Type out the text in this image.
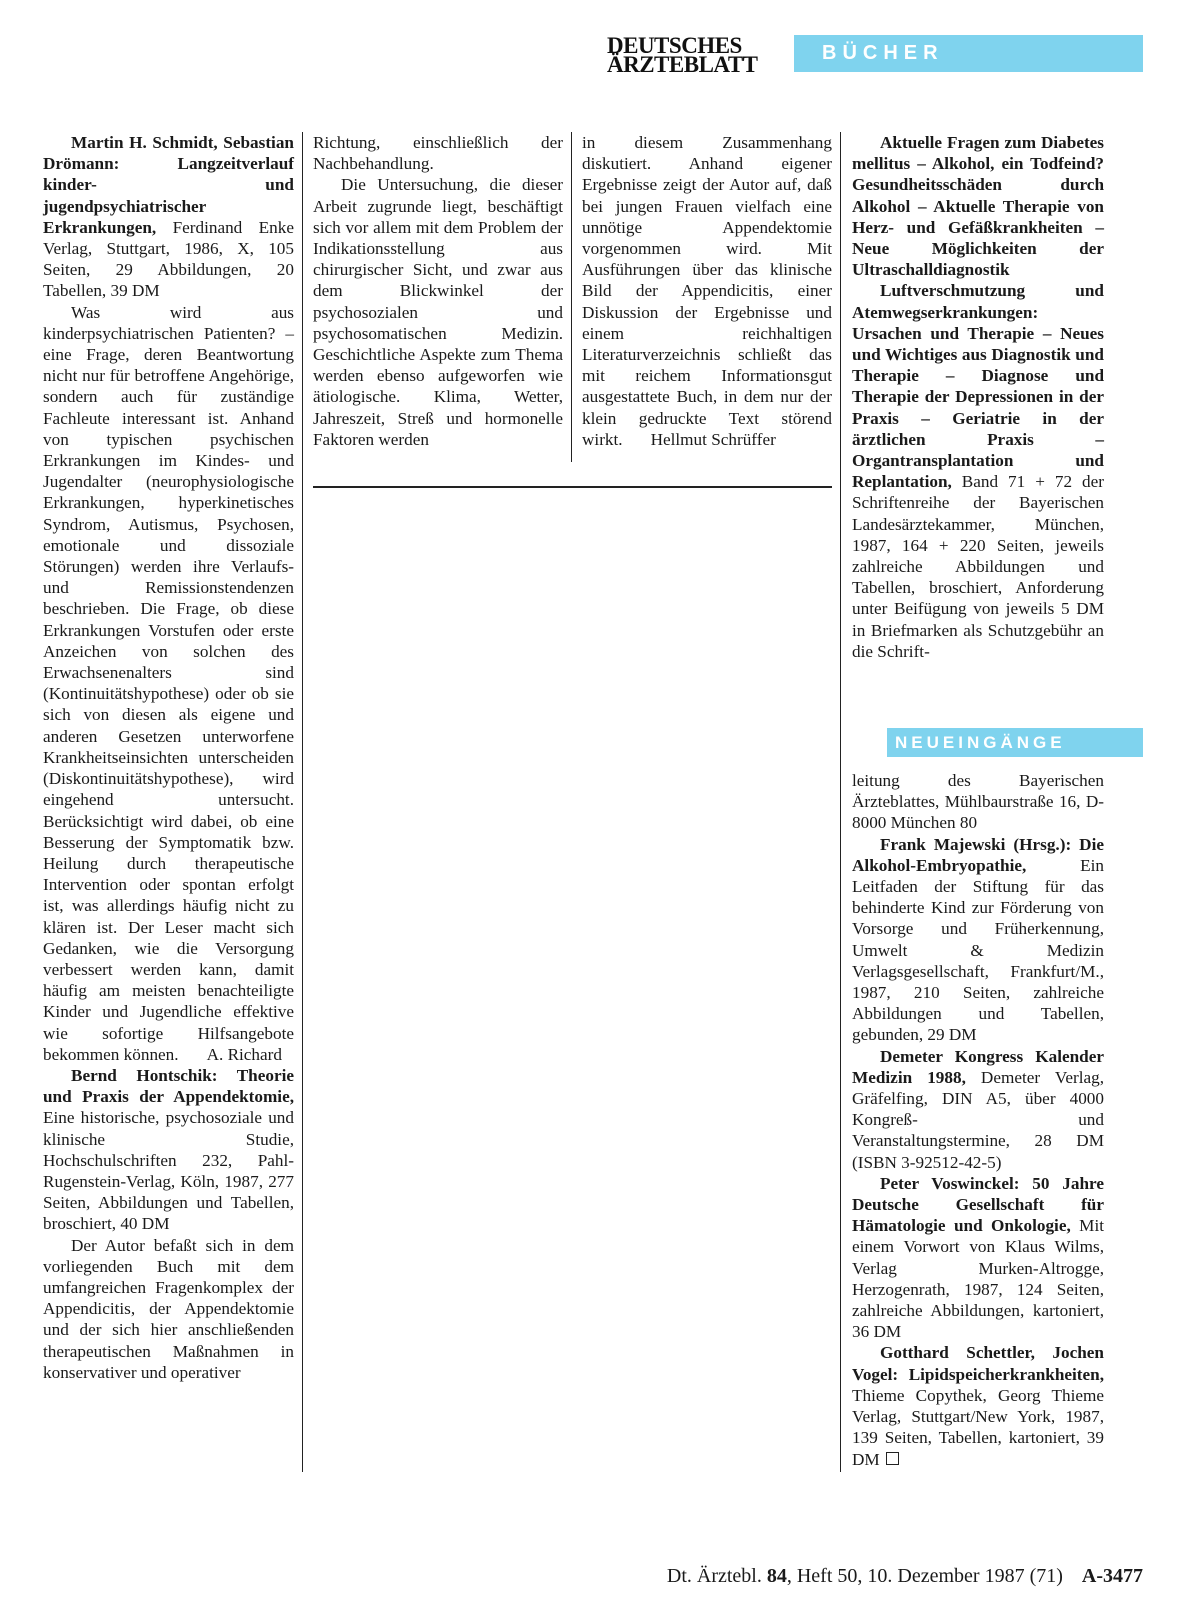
DEUTSCHES
ÄRZTEBLATT	BÜCHER

Martin H. Schmidt, Sebastian Drömann: Langzeitverlauf kinder- und jugendpsychiatrischer Erkrankungen, Ferdinand Enke Verlag, Stuttgart, 1986, X, 105 Seiten, 29 Abbildungen, 20 Tabellen, 39 DM

Was wird aus kinderpsychiatrischen Patienten? – eine Frage, deren Beantwortung nicht nur für betroffene Angehörige, sondern auch für zuständige Fachleute interessant ist. Anhand von typischen psychischen Erkrankungen im Kindes- und Jugendalter (neurophysiologische Erkrankungen, hyperkinetisches Syndrom, Autismus, Psychosen, emotionale und dissoziale Störungen) werden ihre Verlaufs- und Remissionstendenzen beschrieben. Die Frage, ob diese Erkrankungen Vorstufen oder erste Anzeichen von solchen des Erwachsenenalters sind (Kontinuitätshypothese) oder ob sie sich von diesen als eigene und anderen Gesetzen unterworfene Krankheitseinsichten unterscheiden (Diskontinuitätshypothese), wird eingehend untersucht. Berücksichtigt wird dabei, ob eine Besserung der Symptomatik bzw. Heilung durch therapeutische Intervention oder spontan erfolgt ist, was allerdings häufig nicht zu klären ist. Der Leser macht sich Gedanken, wie die Versorgung verbessert werden kann, damit häufig am meisten benachteiligte Kinder und Jugendliche effektive wie sofortige Hilfsangebote bekommen können. A. Richard

Bernd Hontschik: Theorie und Praxis der Appendektomie, Eine historische, psychosoziale und klinische Studie, Hochschulschriften 232, Pahl-Rugenstein-Verlag, Köln, 1987, 277 Seiten, Abbildungen und Tabellen, broschiert, 40 DM

Der Autor befaßt sich in dem vorliegenden Buch mit dem umfangreichen Fragenkomplex der Appendicitis, der Appendektomie und der sich hier anschließenden therapeutischen Maßnahmen in konservativer und operativer

Richtung, einschließlich der Nachbehandlung.

Die Untersuchung, die dieser Arbeit zugrunde liegt, beschäftigt sich vor allem mit dem Problem der Indikationsstellung aus chirurgischer Sicht, und zwar aus dem Blickwinkel der psychosozialen und psychosomatischen Medizin. Geschichtliche Aspekte zum Thema werden ebenso aufgeworfen wie ätiologische. Klima, Wetter, Jahreszeit, Streß und hormonelle Faktoren werden

in diesem Zusammenhang diskutiert. Anhand eigener Ergebnisse zeigt der Autor auf, daß bei jungen Frauen vielfach eine unnötige Appendektomie vorgenommen wird. Mit Ausführungen über das klinische Bild der Appendicitis, einer Diskussion der Ergebnisse und einem reichhaltigen Literaturverzeichnis schließt das mit reichem Informationsgut ausgestattete Buch, in dem nur der klein gedruckte Text störend wirkt. Hellmut Schrüffer

Aktuelle Fragen zum Diabetes mellitus – Alkohol, ein Todfeind? Gesundheitsschäden durch Alkohol – Aktuelle Therapie von Herz- und Gefäßkrankheiten – Neue Möglichkeiten der Ultraschalldiagnostik

Luftverschmutzung und Atemwegserkrankungen: Ursachen und Therapie – Neues und Wichtiges aus Diagnostik und Therapie – Diagnose und Therapie der Depressionen in der Praxis – Geriatrie in der ärztlichen Praxis – Organtransplantation und Replantation, Band 71 + 72 der Schriftenreihe der Bayerischen Landesärztekammer, München, 1987, 164 + 220 Seiten, jeweils zahlreiche Abbildungen und Tabellen, broschiert, Anforderung unter Beifügung von jeweils 5 DM in Briefmarken als Schutzgebühr an die Schrift-

NEUEINGÄNGE

leitung des Bayerischen Ärzteblattes, Mühlbaurstraße 16, D-8000 München 80

Frank Majewski (Hrsg.): Die Alkohol-Embryopathie, Ein Leitfaden der Stiftung für das behinderte Kind zur Förderung von Vorsorge und Früherkennung, Umwelt & Medizin Verlagsgesellschaft, Frankfurt/M., 1987, 210 Seiten, zahlreiche Abbildungen und Tabellen, gebunden, 29 DM

Demeter Kongress Kalender Medizin 1988, Demeter Verlag, Gräfelfing, DIN A5, über 4000 Kongreß- und Veranstaltungstermine, 28 DM (ISBN 3-92512-42-5)

Peter Voswinckel: 50 Jahre Deutsche Gesellschaft für Hämatologie und Onkologie, Mit einem Vorwort von Klaus Wilms, Verlag Murken-Altrogge, Herzogenrath, 1987, 124 Seiten, zahlreiche Abbildungen, kartoniert, 36 DM

Gotthard Schettler, Jochen Vogel: Lipidspeicherkrankheiten, Thieme Copythek, Georg Thieme Verlag, Stuttgart/New York, 1987, 139 Seiten, Tabellen, kartoniert, 39 DM

Dt. Ärztebl. 84, Heft 50, 10. Dezember 1987 (71) A-3477
